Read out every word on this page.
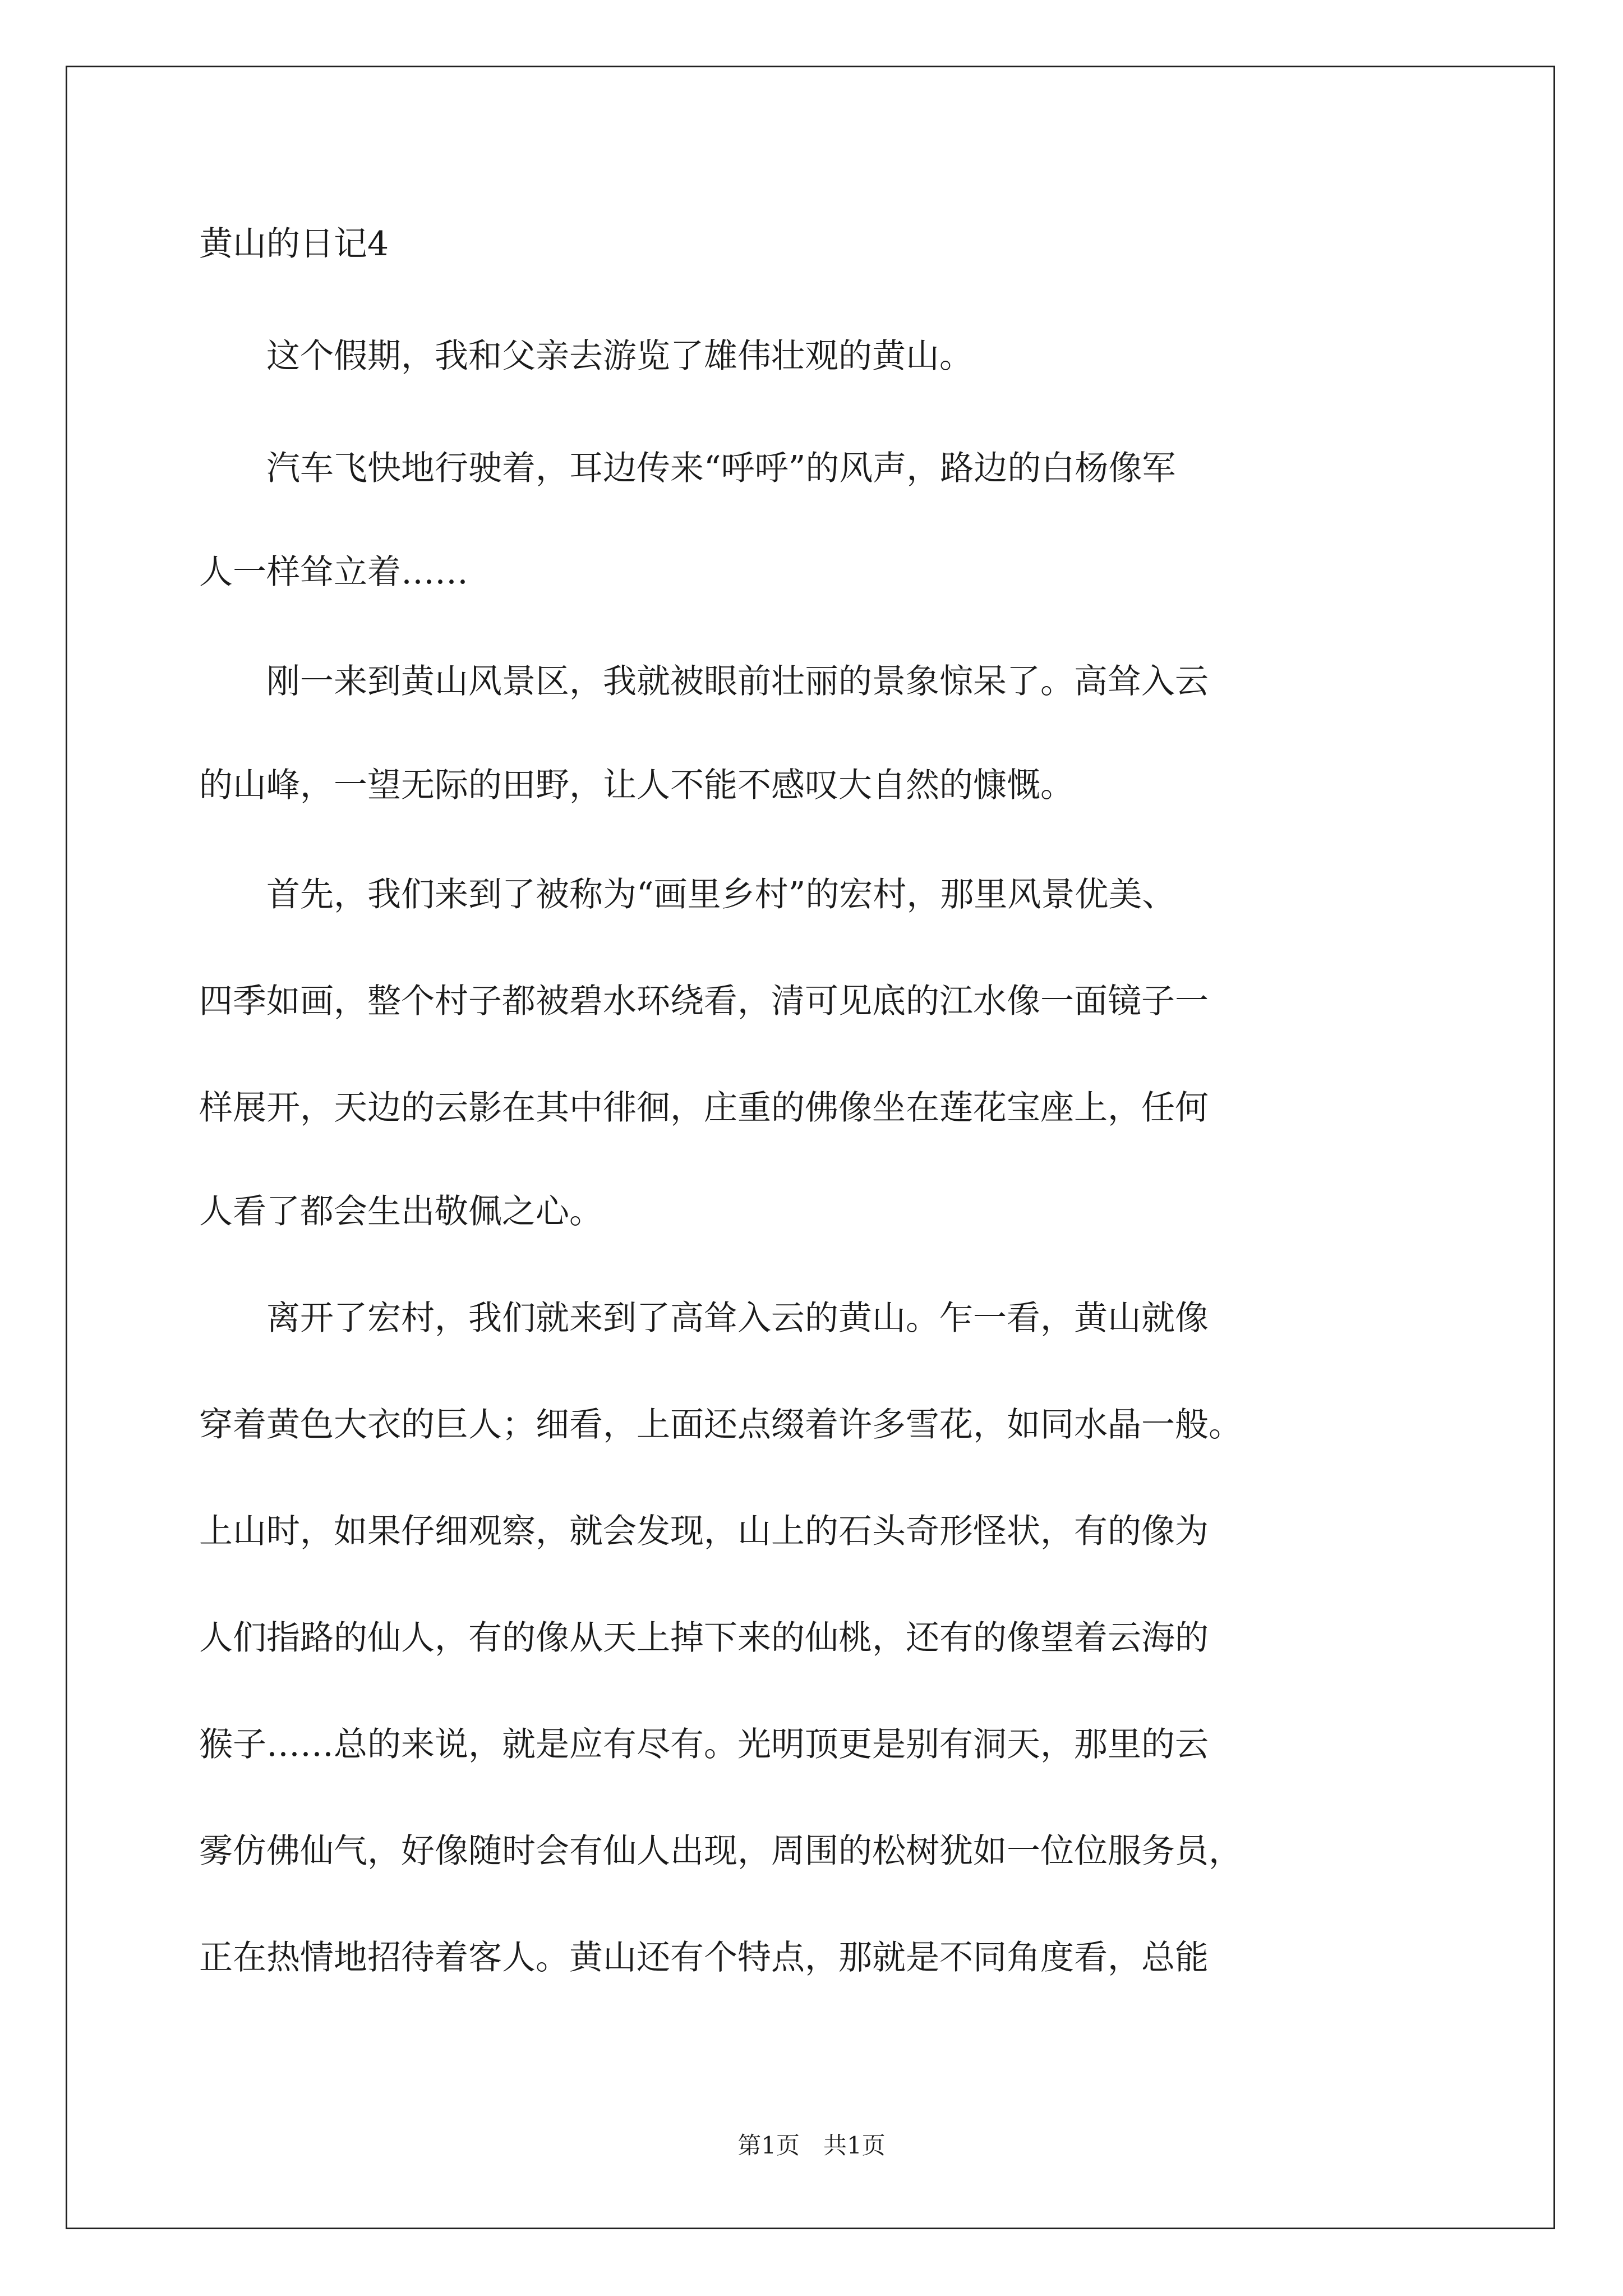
黄山的日记4
　　这个假期，我和父亲去游览了雄伟壮观的黄山。
　　汽车飞快地行驶着，耳边传来“呼呼”的风声，路边的白杨像军
人一样耸立着……
　　刚一来到黄山风景区，我就被眼前壮丽的景象惊呆了。高耸入云
的山峰，一望无际的田野，让人不能不感叹大自然的慷慨。
　　首先，我们来到了被称为“画里乡村”的宏村，那里风景优美、
四季如画，整个村子都被碧水环绕看，清可见底的江水像一面镜子一
样展开，天边的云影在其中徘徊，庄重的佛像坐在莲花宝座上，任何
人看了都会生出敬佩之心。
　　离开了宏村，我们就来到了高耸入云的黄山。乍一看，黄山就像
穿着黄色大衣的巨人；细看，上面还点缀着许多雪花，如同水晶一般。
上山时，如果仔细观察，就会发现，山上的石头奇形怪状，有的像为
人们指路的仙人，有的像从天上掉下来的仙桃，还有的像望着云海的
猴子……总的来说，就是应有尽有。光明顶更是别有洞天，那里的云
雾仿佛仙气，好像随时会有仙人出现，周围的松树犹如一位位服务员，
正在热情地招待着客人。黄山还有个特点，那就是不同角度看，总能
第1页　共1页
